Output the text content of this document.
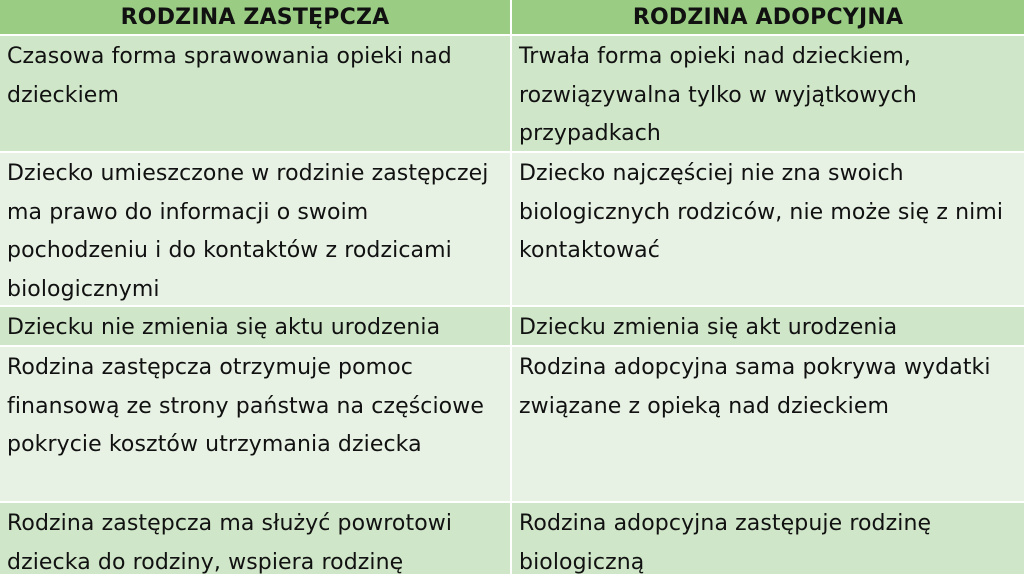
RODZINA ZASTĘPCZA	RODZINA ADOPCYJNA
Czasowa forma sprawowania opieki nad dzieckiem
Trwała forma opieki nad dzieckiem, rozwiązywalna tylko w wyjątkowych przypadkach
Dziecko umieszczone w rodzinie zastępczej ma prawo do informacji o swoim pochodzeniu i do kontaktów z rodzicami biologicznymi
Dziecko najczęściej nie zna swoich biologicznych rodziców, nie może się z nimi kontaktować
Dziecku nie zmienia się aktu urodzenia	Dziecku zmienia się akt urodzenia
Rodzina zastępcza otrzymuje pomoc finansową ze strony państwa na częściowe pokrycie kosztów utrzymania dziecka
Rodzina adopcyjna sama pokrywa wydatki związane z opieką nad dzieckiem
Rodzina zastępcza ma służyć powrotowi dziecka do rodziny, wspiera rodzinę
Rodzina adopcyjna zastępuje rodzinę biologiczną
